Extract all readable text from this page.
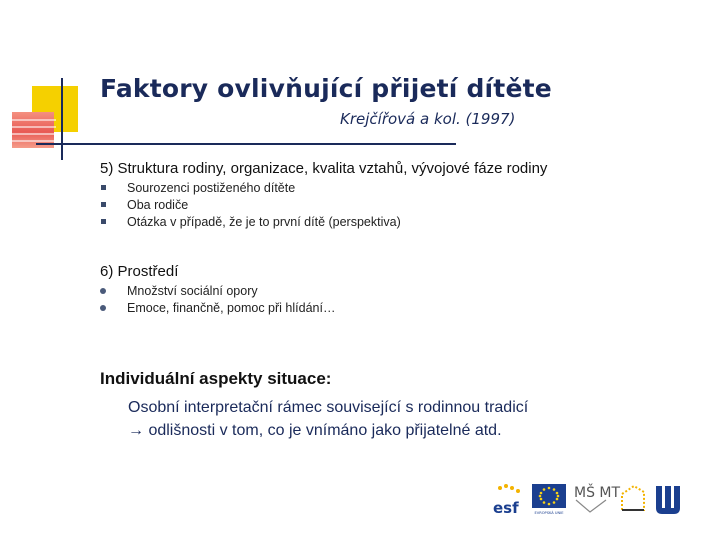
Faktory ovlivňující přijetí dítěte
Krejčířová a kol. (1997)
5) Struktura rodiny, organizace, kvalita vztahů, vývojové fáze rodiny
Sourozenci postiženého dítěte
Oba rodiče
Otázka v případě, že je to první dítě (perspektiva)
6) Prostředí
Množství sociální opory
Emoce, finančně, pomoc při hlídání…
Individuální aspekty situace:
Osobní interpretační rámec související s rodinnou tradicí
→ odlišnosti v tom, co je vnímáno jako přijatelné atd.
esf	EVROPSKÁ UNIE
MŠ MT
